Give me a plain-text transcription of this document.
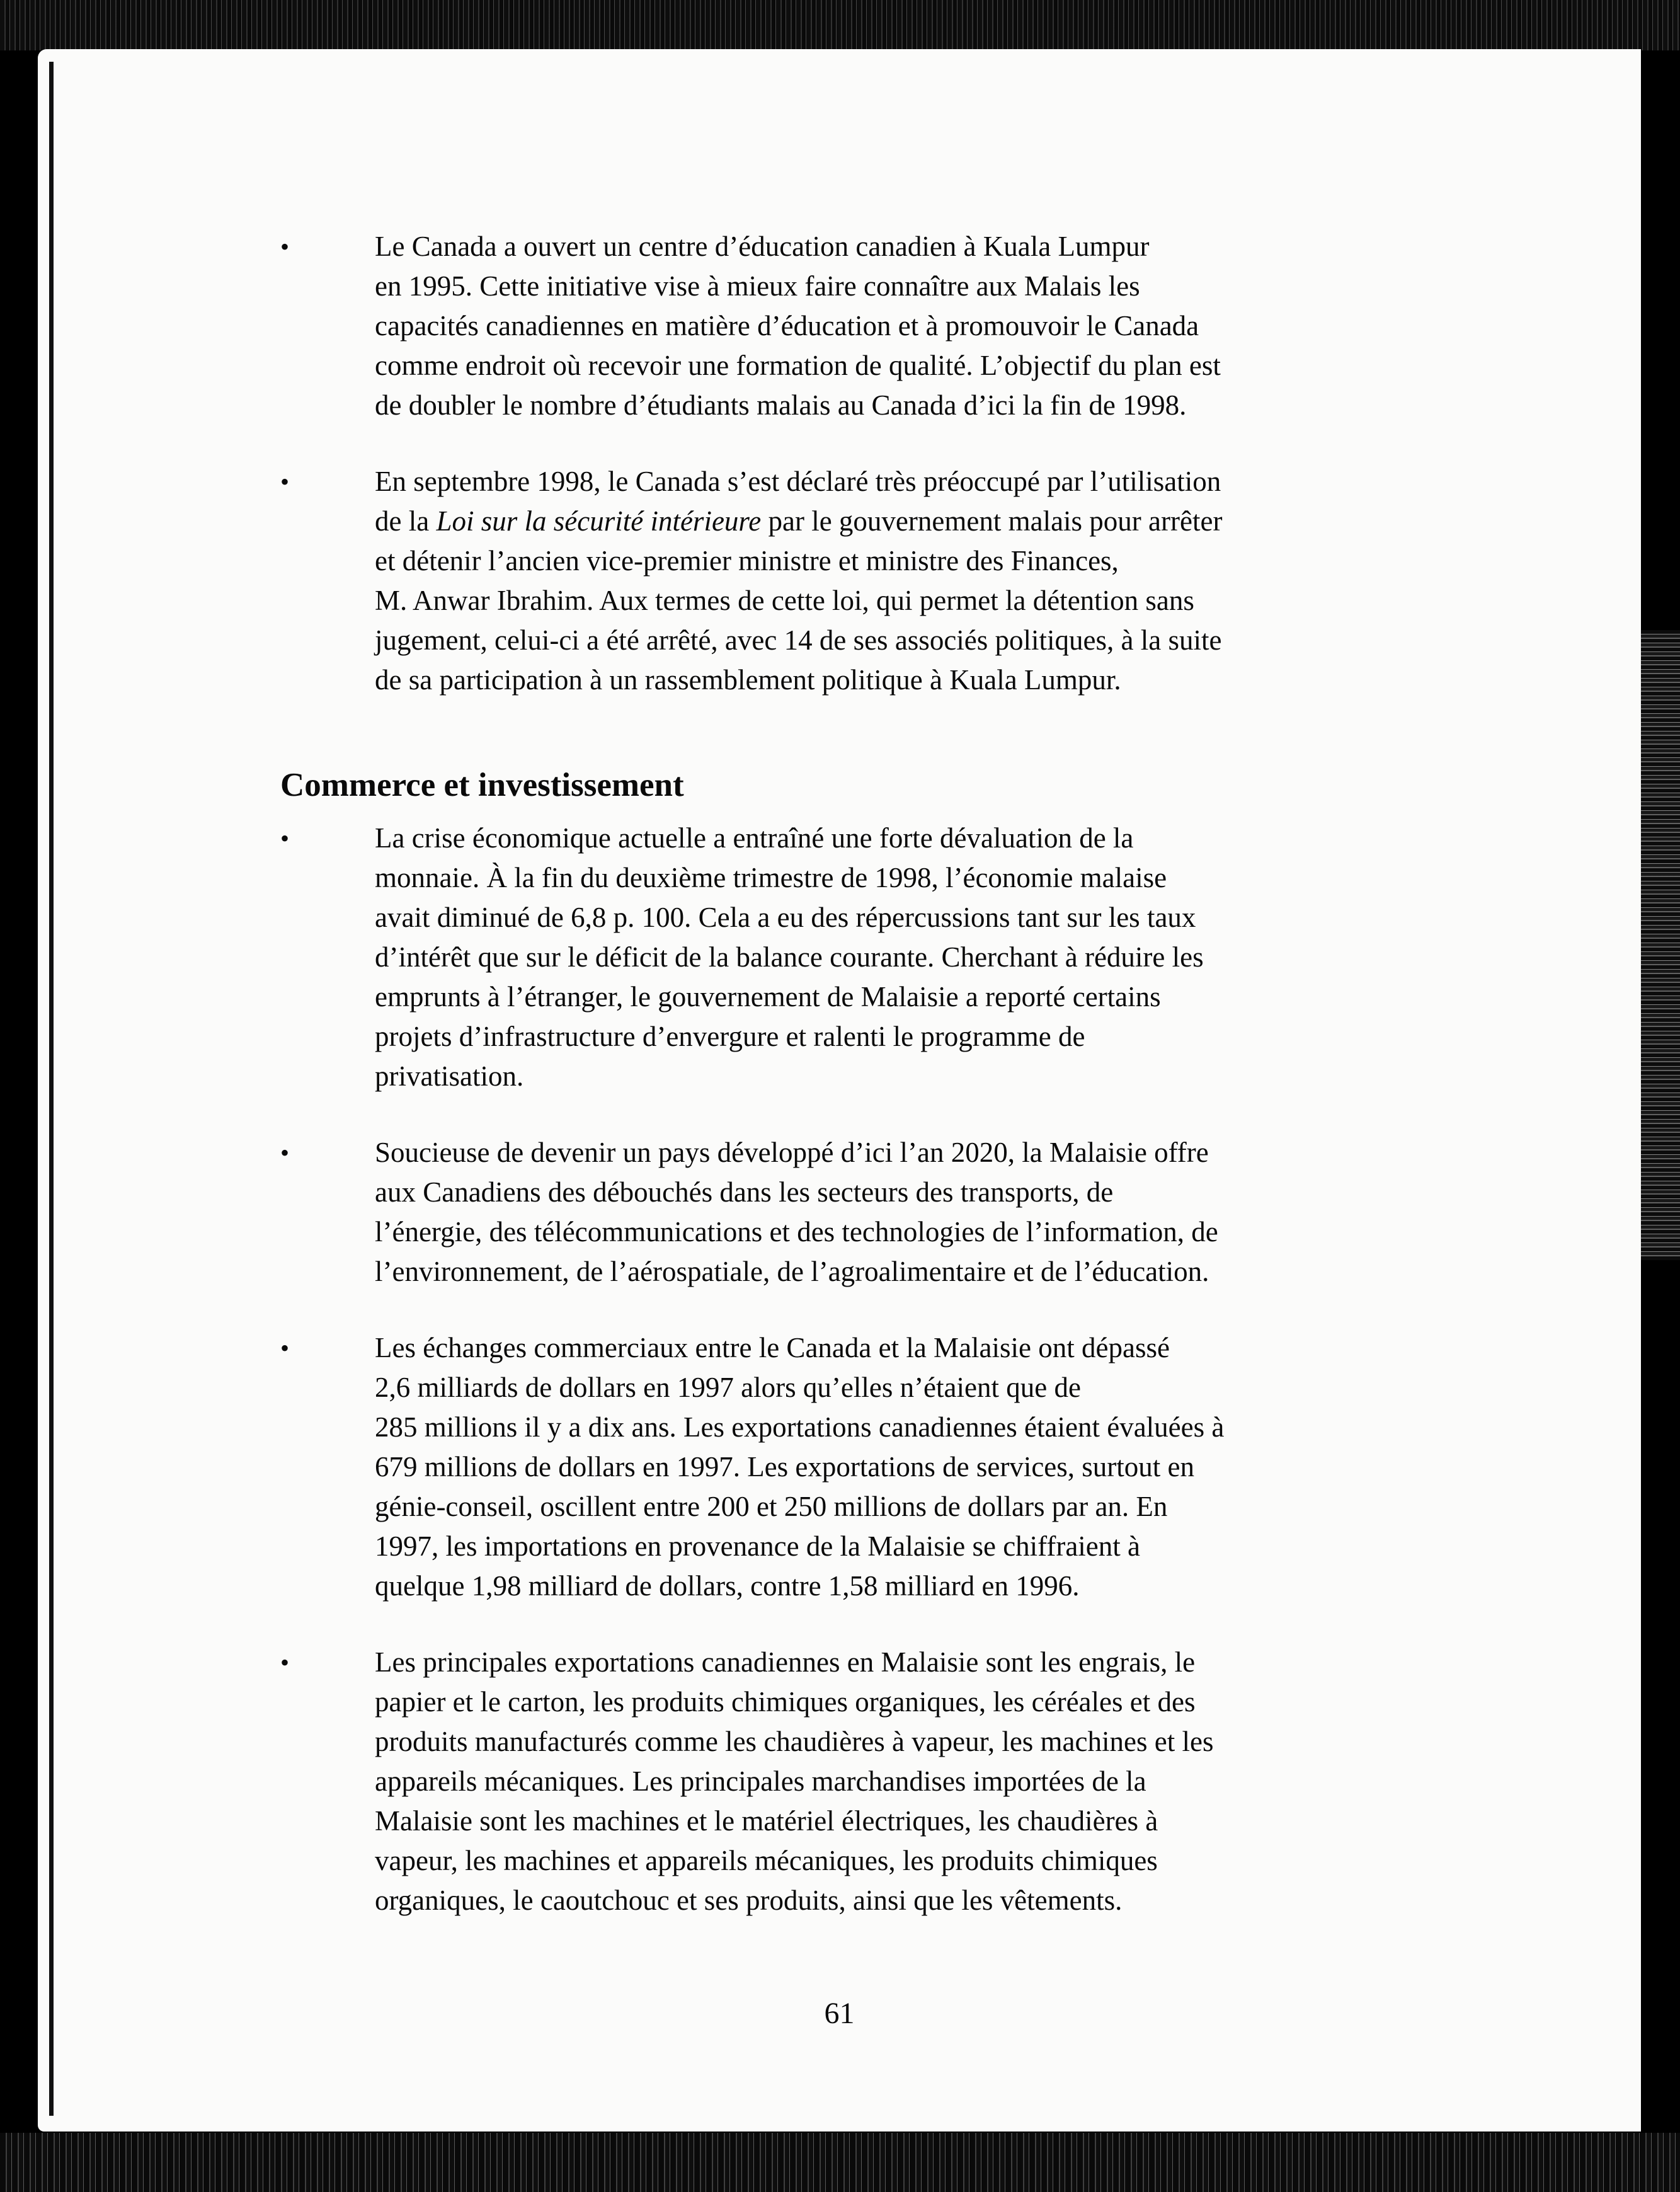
•	Le Canada a ouvert un centre d’éducation canadien à Kuala Lumpur
en 1995. Cette initiative vise à mieux faire connaître aux Malais les
capacités canadiennes en matière d’éducation et à promouvoir le Canada
comme endroit où recevoir une formation de qualité. L’objectif du plan est
de doubler le nombre d’étudiants malais au Canada d’ici la fin de 1998.

•	En septembre 1998, le Canada s’est déclaré très préoccupé par l’utilisation
de la Loi sur la sécurité intérieure par le gouvernement malais pour arrêter
et détenir l’ancien vice-premier ministre et ministre des Finances,
M. Anwar Ibrahim. Aux termes de cette loi, qui permet la détention sans
jugement, celui-ci a été arrêté, avec 14 de ses associés politiques, à la suite
de sa participation à un rassemblement politique à Kuala Lumpur.

Commerce et investissement
•	La crise économique actuelle a entraîné une forte dévaluation de la
monnaie. À la fin du deuxième trimestre de 1998, l’économie malaise
avait diminué de 6,8 p. 100. Cela a eu des répercussions tant sur les taux
d’intérêt que sur le déficit de la balance courante. Cherchant à réduire les
emprunts à l’étranger, le gouvernement de Malaisie a reporté certains
projets d’infrastructure d’envergure et ralenti le programme de
privatisation.

•	Soucieuse de devenir un pays développé d’ici l’an 2020, la Malaisie offre
aux Canadiens des débouchés dans les secteurs des transports, de
l’énergie, des télécommunications et des technologies de l’information, de
l’environnement, de l’aérospatiale, de l’agroalimentaire et de l’éducation.

•	Les échanges commerciaux entre le Canada et la Malaisie ont dépassé
2,6 milliards de dollars en 1997 alors qu’elles n’étaient que de
285 millions il y a dix ans. Les exportations canadiennes étaient évaluées à
679 millions de dollars en 1997. Les exportations de services, surtout en
génie-conseil, oscillent entre 200 et 250 millions de dollars par an. En
1997, les importations en provenance de la Malaisie se chiffraient à
quelque 1,98 milliard de dollars, contre 1,58 milliard en 1996.

•	Les principales exportations canadiennes en Malaisie sont les engrais, le
papier et le carton, les produits chimiques organiques, les céréales et des
produits manufacturés comme les chaudières à vapeur, les machines et les
appareils mécaniques. Les principales marchandises importées de la
Malaisie sont les machines et le matériel électriques, les chaudières à
vapeur, les machines et appareils mécaniques, les produits chimiques
organiques, le caoutchouc et ses produits, ainsi que les vêtements.

61
